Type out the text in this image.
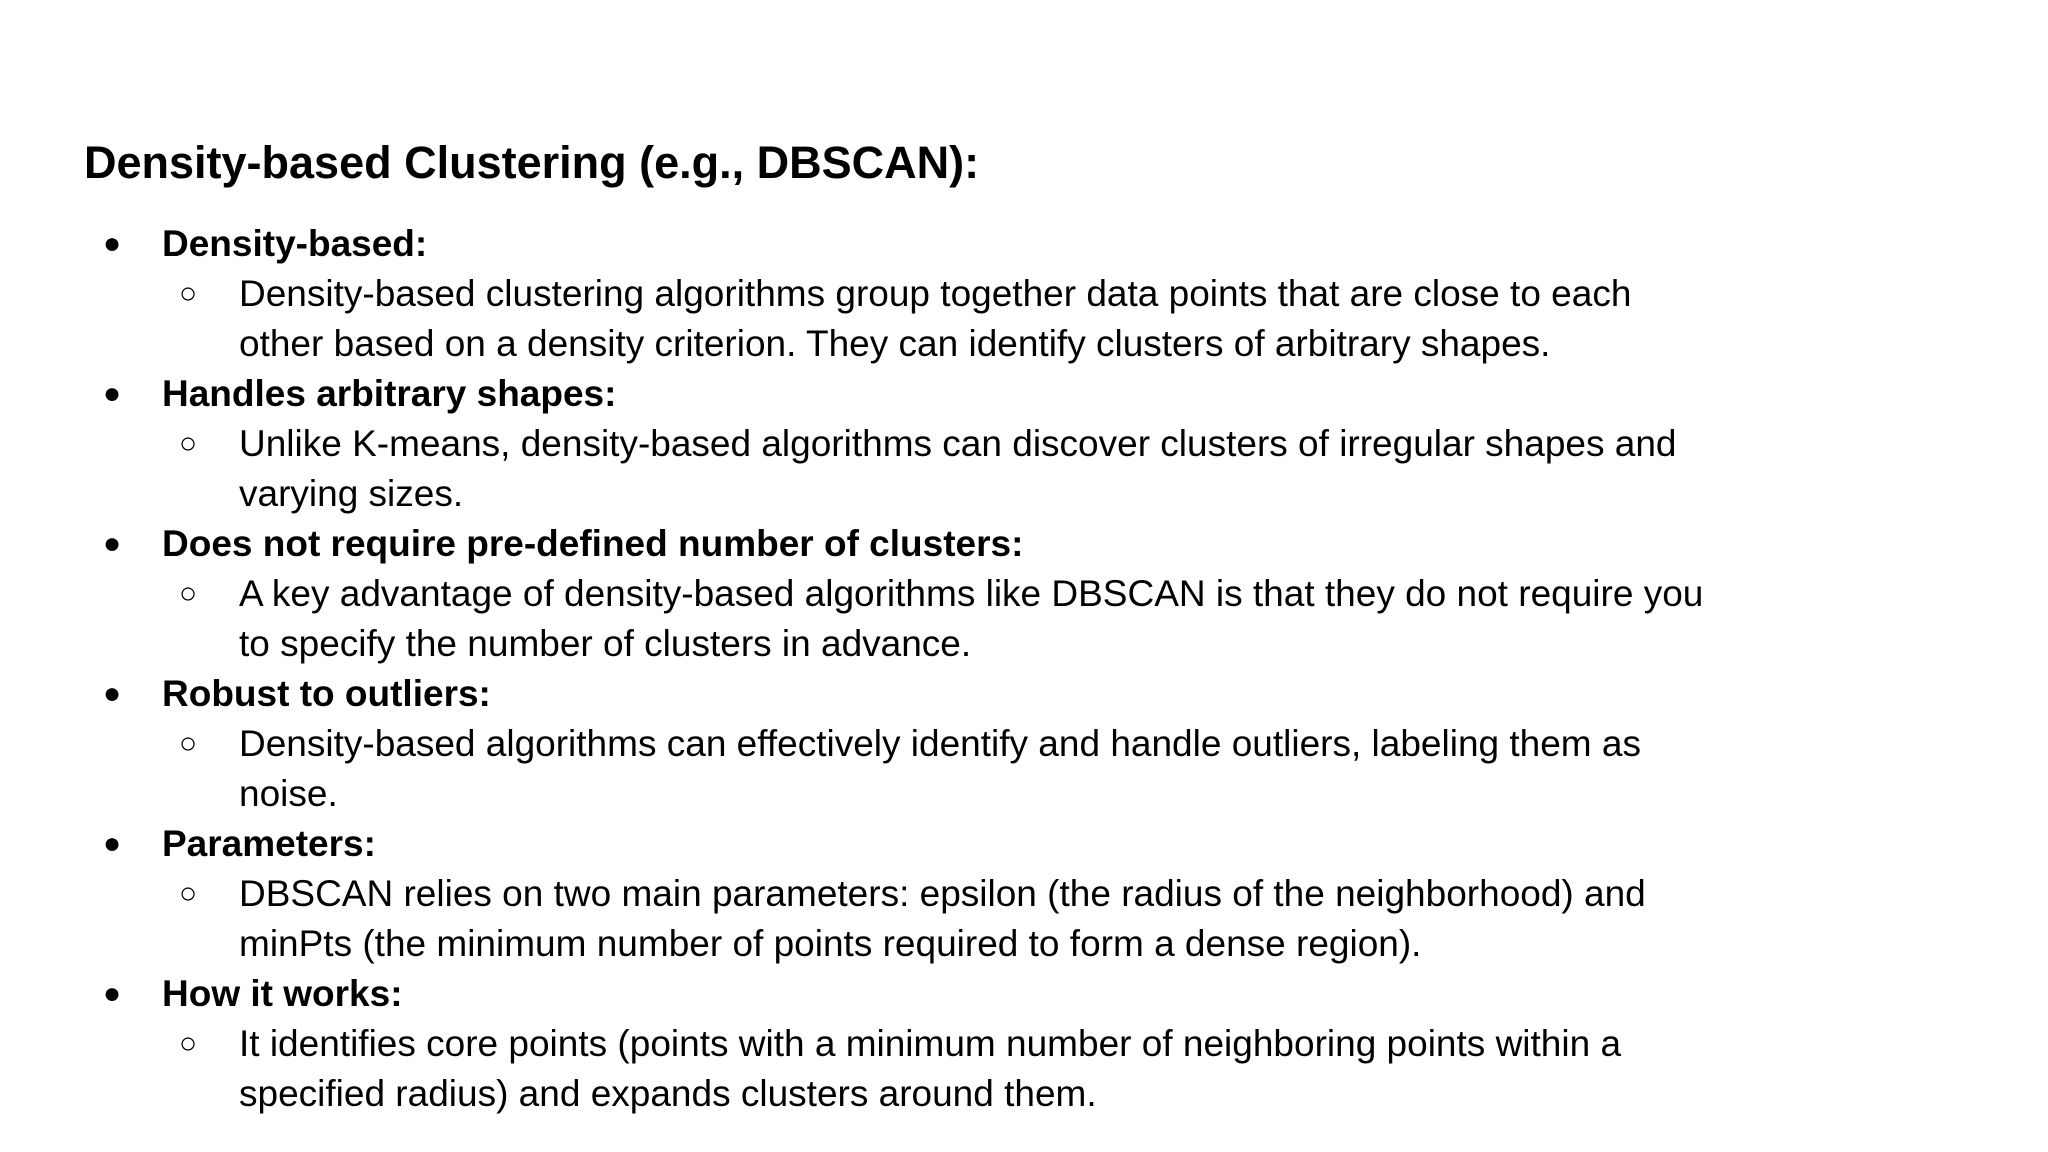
Density-based Clustering (e.g., DBSCAN):
● Density-based:
○ Density-based clustering algorithms group together data points that are close to each
other based on a density criterion. They can identify clusters of arbitrary shapes.
● Handles arbitrary shapes:
○ Unlike K-means, density-based algorithms can discover clusters of irregular shapes and
varying sizes.
● Does not require pre-defined number of clusters:
○ A key advantage of density-based algorithms like DBSCAN is that they do not require you
to specify the number of clusters in advance.
● Robust to outliers:
○ Density-based algorithms can effectively identify and handle outliers, labeling them as
noise.
● Parameters:
○ DBSCAN relies on two main parameters: epsilon (the radius of the neighborhood) and
minPts (the minimum number of points required to form a dense region).
● How it works:
○ It identifies core points (points with a minimum number of neighboring points within a
specified radius) and expands clusters around them.
